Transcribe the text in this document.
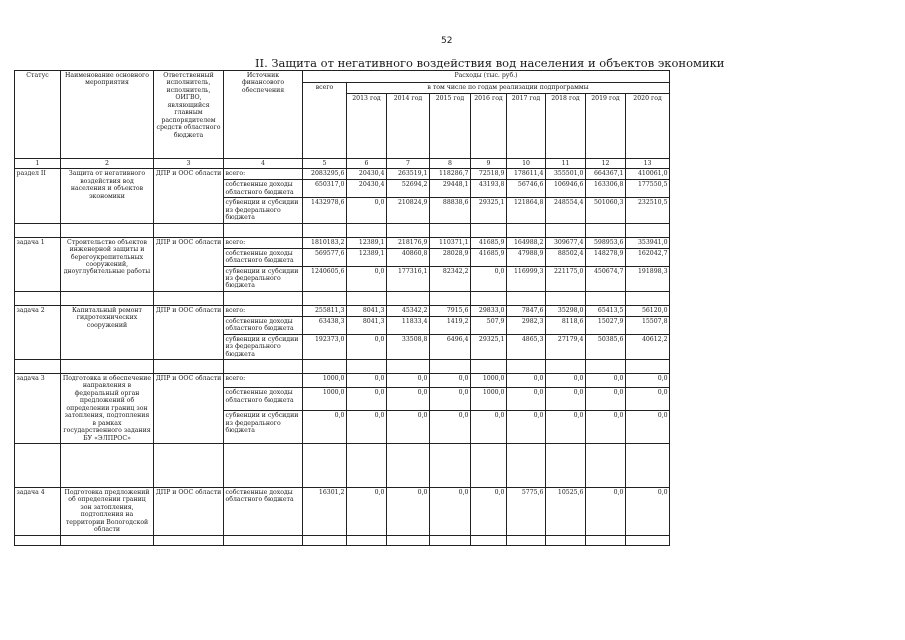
52
II. Защита от негативного воздействия вод населения и объектов экономики
Статус	Наименование основного мероприятия	Ответственный исполнитель, исполнитель, ОИГВО, являющийся главным распорядителем средств областного бюджета	Источник финансового обеспечения	Расходы (тыс. руб.)								
				всего	в том числе по годам реализации подпрограммы							
					2013 год	2014 год	2015 год	2016 год	2017 год	2018 год	2019 год	2020 год
1	2	3	4	5	6	7	8	9	10	11	12	13
раздел II	Защита от негативного воздействия вод населения и объектов экономики	ДПР и ООС области	всего:	2083295,6	20430,4	263519,1	118286,7	72518,9	178611,4	355501,0	664367,1	410061,0
			собственные доходы областного бюджета	650317,0	20430,4	52694,2	29448,1	43193,8	56746,6	106946,6	163306,8	177550,5
			субвенции и субсидии из федерального бюджета	1432978,6	0,0	210824,9	88838,6	29325,1	121864,8	248554,4	501060,3	232510,5

задача 1	Строительство объектов инженерной защиты и берегоукрепительных сооружений, дноуглубительные работы	ДПР и ООС области	всего:	1810183,2	12389,1	218176,9	110371,1	41685,9	164988,2	309677,4	598953,6	353941,0
			собственные доходы областного бюджета	569577,6	12389,1	40860,8	28028,9	41685,9	47988,9	88502,4	148278,9	162042,7
			субвенции и субсидии из федерального бюджета	1240605,6	0,0	177316,1	82342,2	0,0	116999,3	221175,0	450674,7	191898,3

задача 2	Капитальный ремонт гидротехнических сооружений	ДПР и ООС области	всего:	255811,3	8041,3	45342,2	7915,6	29833,0	7847,6	35298,0	65413,5	56120,0
			собственные доходы областного бюджета	63438,3	8041,3	11833,4	1419,2	507,9	2982,3	8118,6	15027,9	15507,8
			субвенции и субсидии из федерального бюджета	192373,0	0,0	33508,8	6496,4	29325,1	4865,3	27179,4	50385,6	40612,2

задача 3	Подготовка и обеспечение направления в федеральный орган предложений об определении границ зон затопления, подтопления в рамках государственного задания БУ «ЭЛПРОС»	ДПР и ООС области	всего:	1000,0	0,0	0,0	0,0	1000,0	0,0	0,0	0,0	0,0
			собственные доходы областного бюджета	1000,0	0,0	0,0	0,0	1000,0	0,0	0,0	0,0	0,0
			субвенции и субсидии из федерального бюджета	0,0	0,0	0,0	0,0	0,0	0,0	0,0	0,0	0,0

задача 4	Подготовка предложений об определении границ зон затопления, подтопления на территории Вологодской области	ДПР и ООС области	собственные доходы областного бюджета	16301,2	0,0	0,0	0,0	0,0	5775,6	10525,6	0,0	0,0
